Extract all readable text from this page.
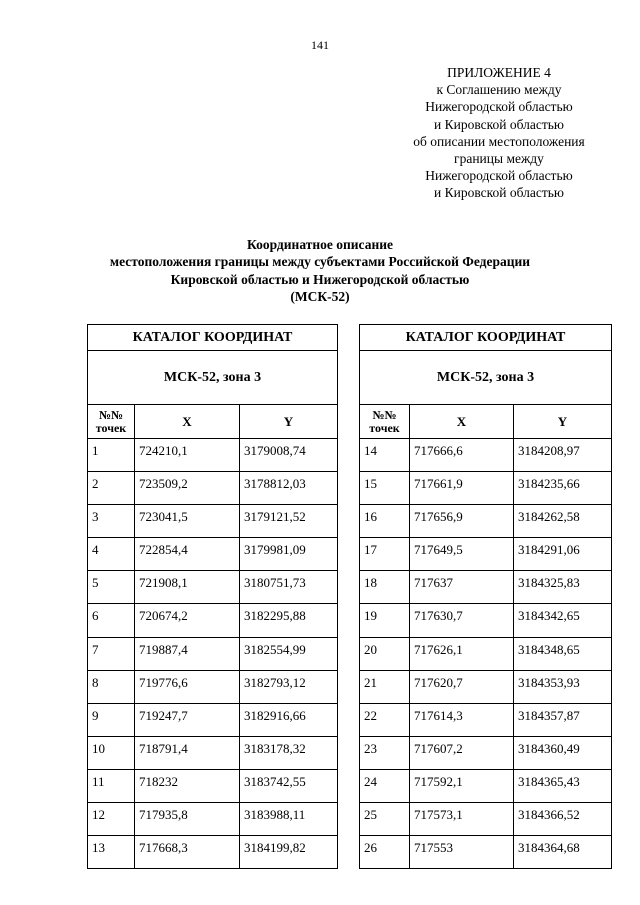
141
ПРИЛОЖЕНИЕ 4
к Соглашению между
Нижегородской областью
и Кировской областью
об описании местоположения
границы между
Нижегородской областью
и Кировской областью
Координатное описание
местоположения границы между субъектами Российской Федерации
Кировской областью и Нижегородской областью
(МСК-52)
КАТАЛОГ КООРДИНАТ		
МСК-52, зона 3		
№№
точек	X	Y
1	724210,1	3179008,74
2	723509,2	3178812,03
3	723041,5	3179121,52
4	722854,4	3179981,09
5	721908,1	3180751,73
6	720674,2	3182295,88
7	719887,4	3182554,99
8	719776,6	3182793,12
9	719247,7	3182916,66
10	718791,4	3183178,32
11	718232	3183742,55
12	717935,8	3183988,11
13	717668,3	3184199,82
КАТАЛОГ КООРДИНАТ		
МСК-52, зона 3		
№№
точек	X	Y
14	717666,6	3184208,97
15	717661,9	3184235,66
16	717656,9	3184262,58
17	717649,5	3184291,06
18	717637	3184325,83
19	717630,7	3184342,65
20	717626,1	3184348,65
21	717620,7	3184353,93
22	717614,3	3184357,87
23	717607,2	3184360,49
24	717592,1	3184365,43
25	717573,1	3184366,52
26	717553	3184364,68
